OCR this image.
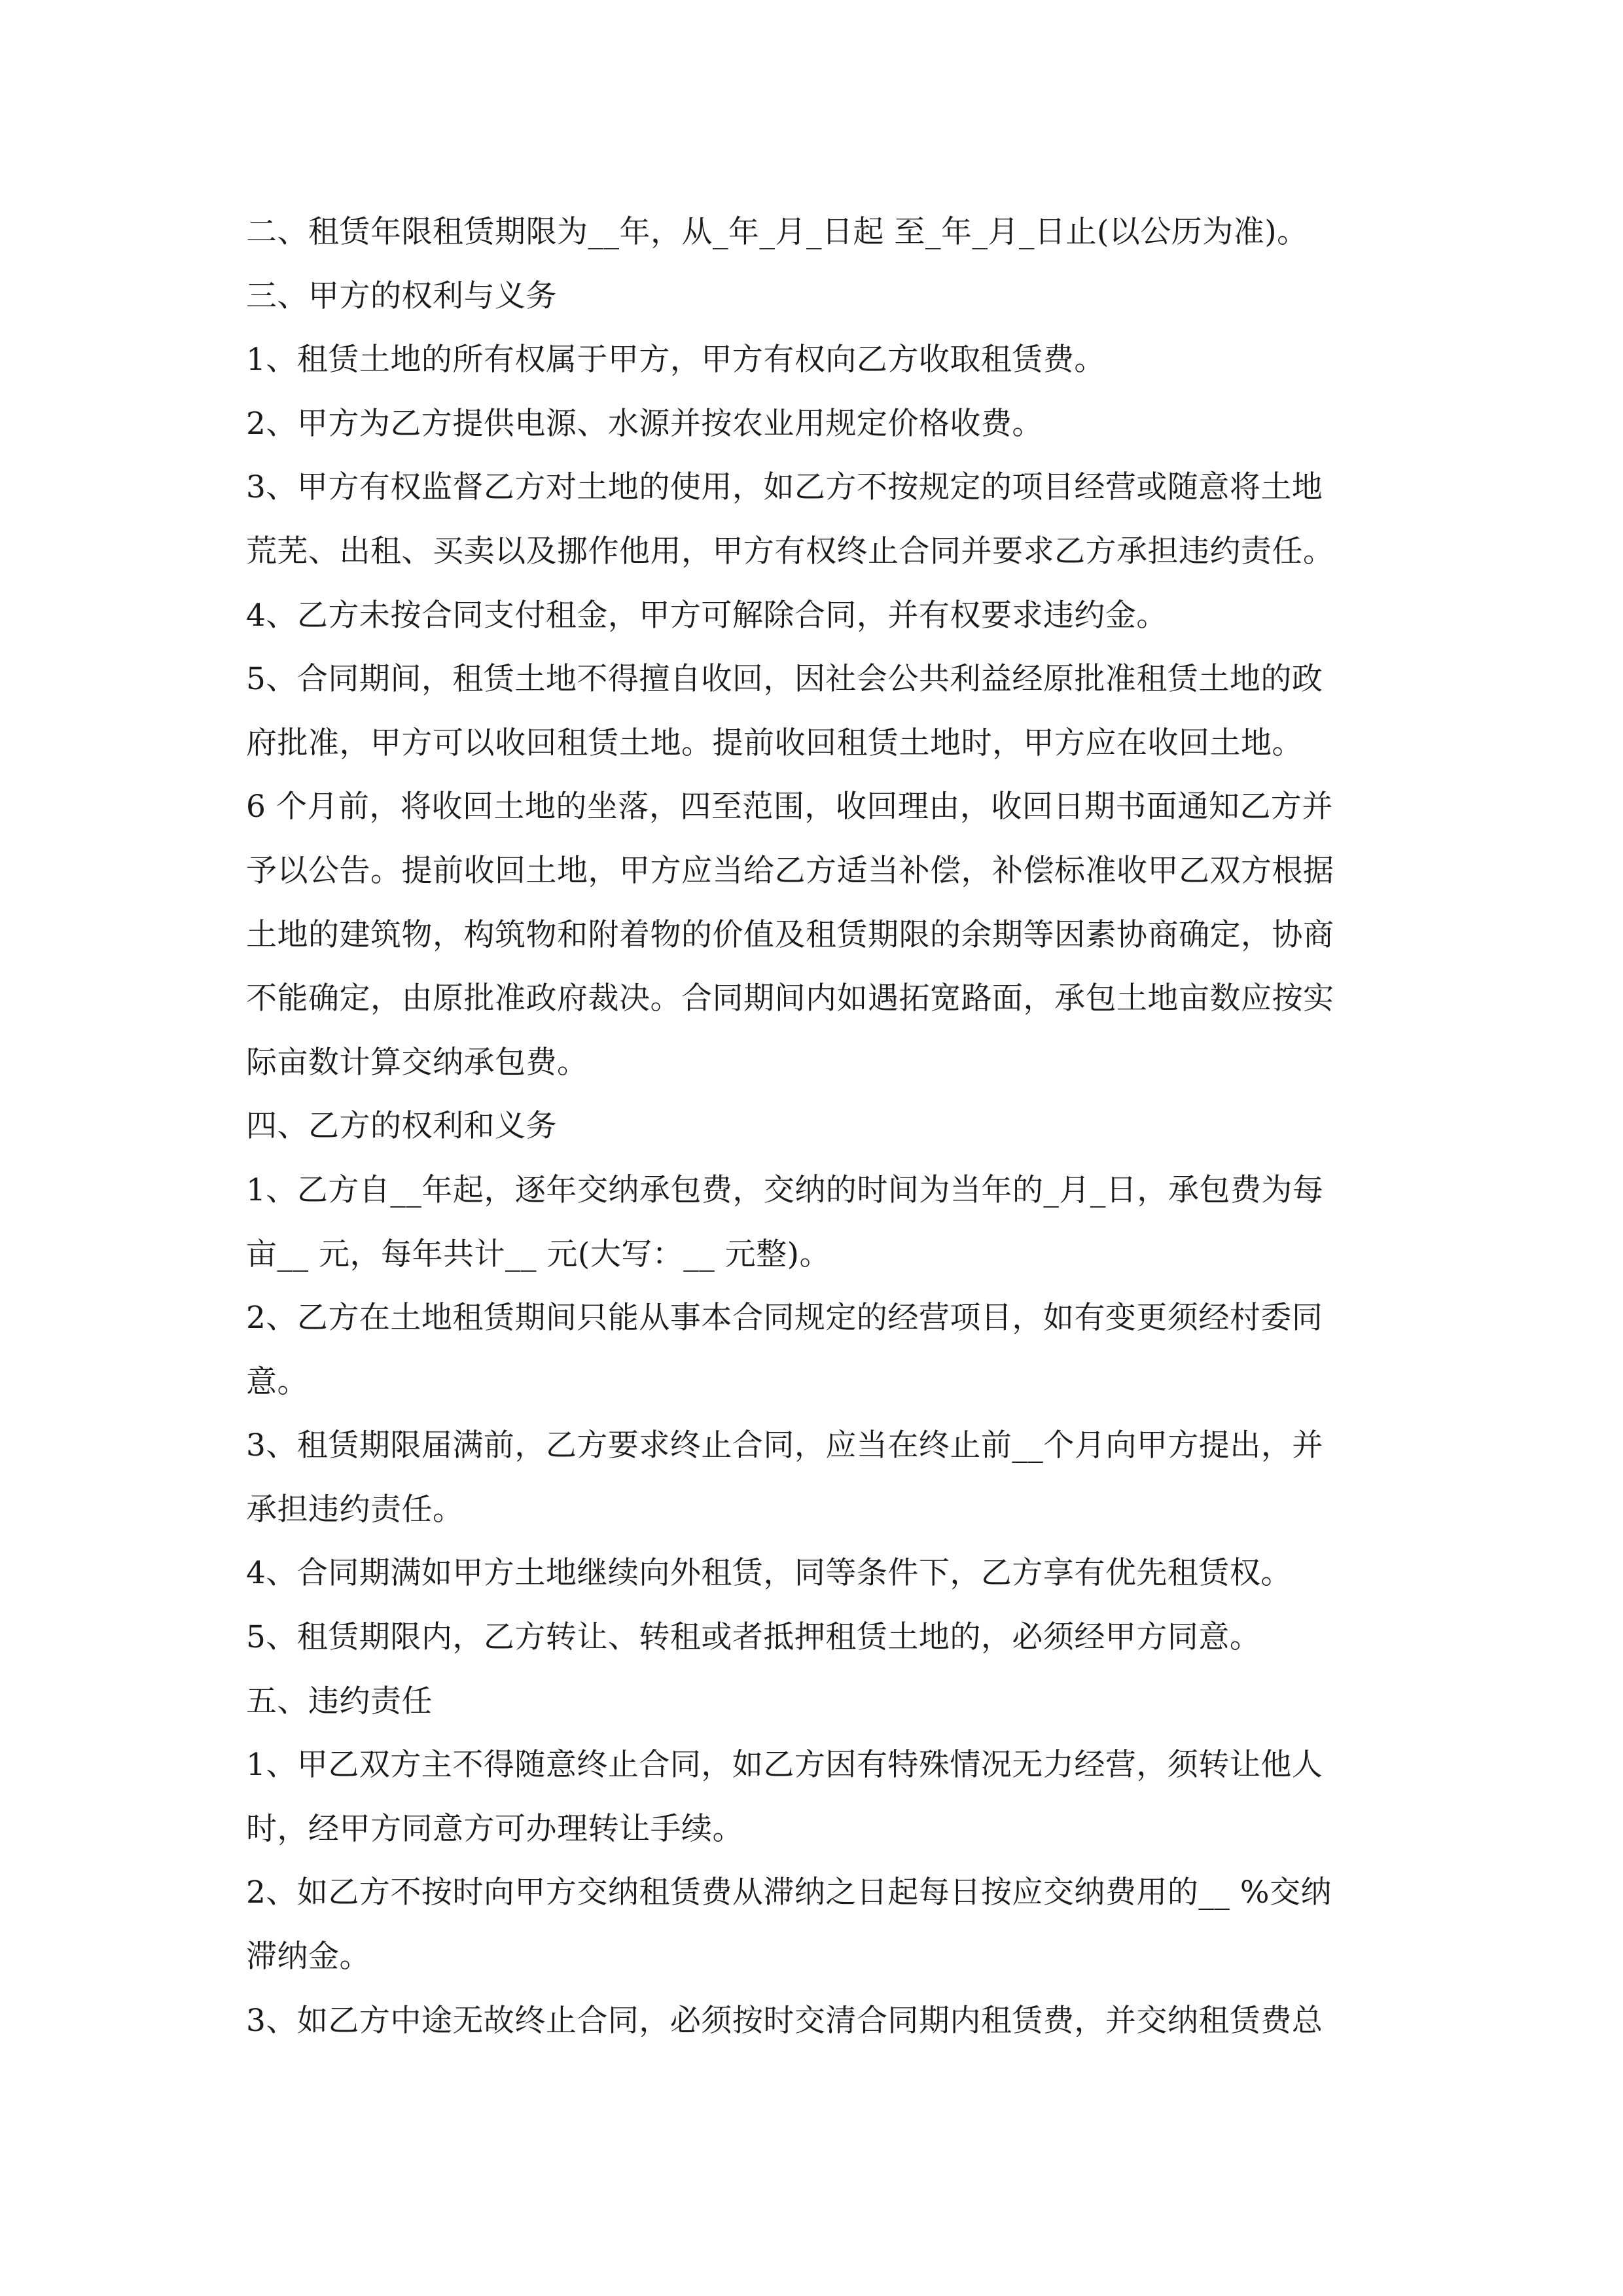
二、租赁年限租赁期限为__年，从_年_月_日起 至_年_月_日止(以公历为准)。
三、甲方的权利与义务
1、租赁土地的所有权属于甲方，甲方有权向乙方收取租赁费。
2、甲方为乙方提供电源、水源并按农业用规定价格收费。
3、甲方有权监督乙方对土地的使用，如乙方不按规定的项目经营或随意将土地
荒芜、出租、买卖以及挪作他用，甲方有权终止合同并要求乙方承担违约责任。
4、乙方未按合同支付租金，甲方可解除合同，并有权要求违约金。
5、合同期间，租赁土地不得擅自收回，因社会公共利益经原批准租赁土地的政
府批准，甲方可以收回租赁土地。提前收回租赁土地时，甲方应在收回土地。
6 个月前，将收回土地的坐落，四至范围，收回理由，收回日期书面通知乙方并
予以公告。提前收回土地，甲方应当给乙方适当补偿，补偿标准收甲乙双方根据
土地的建筑物，构筑物和附着物的价值及租赁期限的余期等因素协商确定，协商
不能确定，由原批准政府裁决。合同期间内如遇拓宽路面，承包土地亩数应按实
际亩数计算交纳承包费。
四、乙方的权利和义务
1、乙方自__年起，逐年交纳承包费，交纳的时间为当年的_月_日，承包费为每
亩__ 元，每年共计__ 元(大写：__ 元整)。
2、乙方在土地租赁期间只能从事本合同规定的经营项目，如有变更须经村委同
意。
3、租赁期限届满前，乙方要求终止合同，应当在终止前__个月向甲方提出，并
承担违约责任。
4、合同期满如甲方土地继续向外租赁，同等条件下，乙方享有优先租赁权。
5、租赁期限内，乙方转让、转租或者抵押租赁土地的，必须经甲方同意。
五、违约责任
1、甲乙双方主不得随意终止合同，如乙方因有特殊情况无力经营，须转让他人
时，经甲方同意方可办理转让手续。
2、如乙方不按时向甲方交纳租赁费从滞纳之日起每日按应交纳费用的__ %交纳
滞纳金。
3、如乙方中途无故终止合同，必须按时交清合同期内租赁费，并交纳租赁费总
